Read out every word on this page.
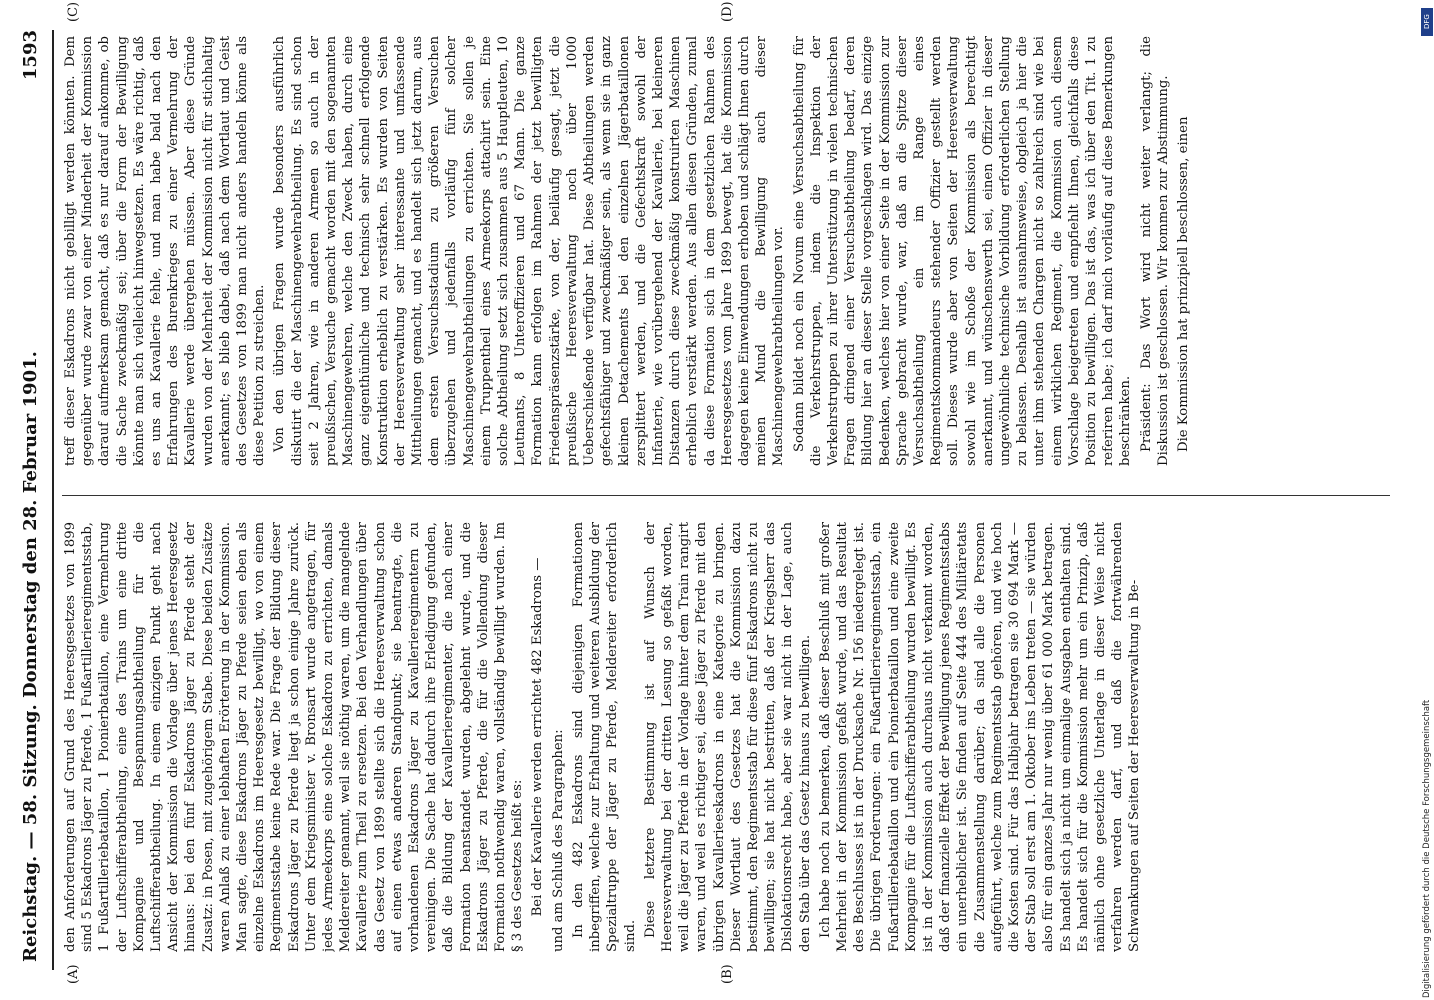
Reichstag. — 58. Sitzung. Donnerstag den 28. Februar 1901.
1593
(A)	(B)
(C)	(D)

den Anforderungen auf Grund des Heeresgesetzes von 1899 sind 5 Eskadrons Jäger zu Pferde, 1 Fußartillerieregimentsstab, 1 Fußartilleriebataillon, 1 Pionierbataillon, eine Vermehrung der Luftschifferabtheilung, eine des Trains um eine dritte Kompagnie und Bespannungsabtheilung für die Luftschifferabtheilung. In einem einzigen Punkt geht nach Ansicht der Kommission die Vorlage über jenes Heeresgesetz hinaus: bei den fünf Eskadrons Jäger zu Pferde steht der Zusatz: in Posen, mit zugehörigem Stabe. Diese beiden Zusätze waren Anlaß zu einer lebhaften Erörterung in der Kommission. Man sagte, diese Eskadrons Jäger zu Pferde seien eben als einzelne Eskadrons im Heeresgesetz bewilligt, wo von einem Regimentsstabe keine Rede war. Die Frage der Bildung dieser Eskadrons Jäger zu Pferde liegt ja schon einige Jahre zurück. Unter dem Kriegsminister v. Bronsart wurde angetragen, für jedes Armeekorps eine solche Eskadron zu errichten, damals Meldereiter genannt, weil sie nöthig waren, um die mangelnde Kavallerie zum Theil zu ersetzen. Bei den Verhandlungen über das Gesetz von 1899 stellte sich die Heeresverwaltung schon auf einen etwas anderen Standpunkt; sie beantragte, die vorhandenen Eskadrons Jäger zu Kavallerieregimentern zu vereinigen. Die Sache hat dadurch ihre Erledigung gefunden, daß die Bildung der Kavallerieregimenter, die nach einer Formation beanstandet wurden, abgelehnt wurde, und die Eskadrons Jäger zu Pferde, die für die Vollendung dieser Formation nothwendig waren, vollständig bewilligt wurden. Im § 3 des Gesetzes heißt es: Bei der Kavallerie werden errichtet 482 Eskadrons — und am Schluß des Paragraphen: In den 482 Eskadrons sind diejenigen Formationen inbegriffen, welche zur Erhaltung und weiteren Ausbildung der Spezialtruppe der Jäger zu Pferde, Meldereiter erforderlich sind. Diese letztere Bestimmung ist auf Wunsch der Heeresverwaltung bei der dritten Lesung so gefaßt worden, weil die Jäger zu Pferde in der Vorlage hinter dem Train rangirt waren, und weil es richtiger sei, diese Jäger zu Pferde mit den übrigen Kavallerieeskadrons in eine Kategorie zu bringen. Dieser Wortlaut des Gesetzes hat die Kommission dazu bestimmt, den Regimentsstab für diese fünf Eskadrons nicht zu bewilligen; sie hat nicht bestritten, daß der Kriegsherr das Dislokationsrecht habe, aber sie war nicht in der Lage, auch den Stab über das Gesetz hinaus zu bewilligen. Ich habe noch zu bemerken, daß dieser Beschluß mit großer Mehrheit in der Kommission gefaßt wurde, und das Resultat des Beschlusses ist in der Drucksache Nr. 156 niedergelegt ist. Die übrigen Forderungen: ein Fußartillerieregimentsstab, ein Fußartilleriebataillon und ein Pionierbataillon und eine zweite Kompagnie für die Luftschifferabtheilung wurden bewilligt. Es ist in der Kommission auch durchaus nicht verkannt worden, daß der finanzielle Effekt der Bewilligung jenes Regimentsstabs ein unerheblicher ist. Sie finden auf Seite 444 des Militäretats die Zusammenstellung darüber; da sind alle die Personen aufgeführt, welche zum Regimentsstab gehören, und wie hoch die Kosten sind. Für das Halbjahr betragen sie 30 694 Mark — der Stab soll erst am 1. Oktober ins Leben treten — sie würden also für ein ganzes Jahr nur wenig über 61 000 Mark betragen. Es handelt sich ja nicht um einmalige Ausgaben enthalten sind. Es handelt sich für die Kommission mehr um ein Prinzip, daß nämlich ohne gesetzliche Unterlage in dieser Weise nicht verfahren werden darf, und daß die fortwährenden Schwankungen auf Seiten der Heeresverwaltung in Be-

treff dieser Eskadrons nicht gebilligt werden könnten. Dem gegenüber wurde zwar von einer Minderheit der Kommission darauf aufmerksam gemacht, daß es nur darauf ankomme, ob die Sache zweckmäßig sei; über die Form der Bewilligung könnte man sich vielleicht hinwegsetzen. Es wäre richtig, daß es uns an Kavallerie fehle, und man habe bald nach den Erfahrungen des Burenkrieges zu einer Vermehrung der Kavallerie werde übergehen müssen. Aber diese Gründe wurden von der Mehrheit der Kommission nicht für stichhaltig anerkannt; es blieb dabei, daß nach dem Wortlaut und Geist des Gesetzes von 1899 man nicht anders handeln könne als diese Petition zu streichen. Von den übrigen Fragen wurde besonders ausführlich diskutirt die der Maschinengewehrabtheilung. Es sind schon seit 2 Jahren, wie in anderen Armeen so auch in der preußischen, Versuche gemacht worden mit den sogenannten Maschinengewehren, welche den Zweck haben, durch eine ganz eigenthümliche und technisch sehr schnell erfolgende Konstruktion erheblich zu verstärken. Es wurden von Seiten der Heeresverwaltung sehr interessante und umfassende Mittheilungen gemacht, und es handelt sich jetzt darum, aus dem ersten Versuchsstadium zu größeren Versuchen überzugehen und jedenfalls vorläufig fünf solcher Maschinengewehrabtheilungen zu errichten. Sie sollen je einem Truppentheil eines Armeekorps attachirt sein. Eine solche Abtheilung setzt sich zusammen aus 5 Hauptleuten, 10 Leutnants, 8 Unteroffizieren und 67 Mann. Die ganze Formation kann erfolgen im Rahmen der jetzt bewilligten Friedenspräsenzstärke, von der, beiläufig gesagt, jetzt die preußische Heeresverwaltung noch über 1000 Ueberschießende verfügbar hat. Diese Abtheilungen werden gefechtsfähiger und zweckmäßiger sein, als wenn sie in ganz kleinen Detachements bei den einzelnen Jägerbataillonen zersplittert werden, und die Gefechtskraft sowohl der Infanterie, wie vorübergehend der Kavallerie, bei kleineren Distanzen durch diese zweckmäßig konstruirten Maschinen erheblich verstärkt werden. Aus allen diesen Gründen, zumal da diese Formation sich in dem gesetzlichen Rahmen des Heeresgesetzes vom Jahre 1899 bewegt, hat die Kommission dagegen keine Einwendungen erhoben und schlägt Ihnen durch meinen Mund die Bewilligung auch dieser Maschinengewehrabtheilungen vor. Sodann bildet noch ein Novum eine Versuchsabtheilung für die Verkehrstruppen, indem die Inspektion der Verkehrstruppen zu ihrer Unterstützung in vielen technischen Fragen dringend einer Versuchsabtheilung bedarf, deren Bildung hier an dieser Stelle vorgeschlagen wird. Das einzige Bedenken, welches hier von einer Seite in der Kommission zur Sprache gebracht wurde, war, daß an die Spitze dieser Versuchsabtheilung ein im Range eines Regimentskommandeurs stehender Offizier gestellt werden soll. Dieses wurde aber von Seiten der Heeresverwaltung sowohl wie im Schoße der Kommission als berechtigt anerkannt, und wünschenswerth sei, einen Offizier in dieser ungewöhnliche technische Vorbildung erforderlichen Stellung zu belassen. Deshalb ist ausnahmsweise, obgleich ja hier die unter ihm stehenden Chargen nicht so zahlreich sind wie bei einem wirklichen Regiment, die Kommission auch diesem Vorschlage beigetreten und empfiehlt Ihnen, gleichfalls diese Position zu bewilligen. Das ist das, was ich über den Tit. 1 zu referiren habe; ich darf mich vorläufig auf diese Bemerkungen beschränken. Präsident: Das Wort wird nicht weiter verlangt; die Diskussion ist geschlossen. Wir kommen zur Abstimmung. Die Kommission hat prinzipiell beschlossen, einen

DFG
Digitalisierung gefördert durch die Deutsche Forschungsgemeinschaft
